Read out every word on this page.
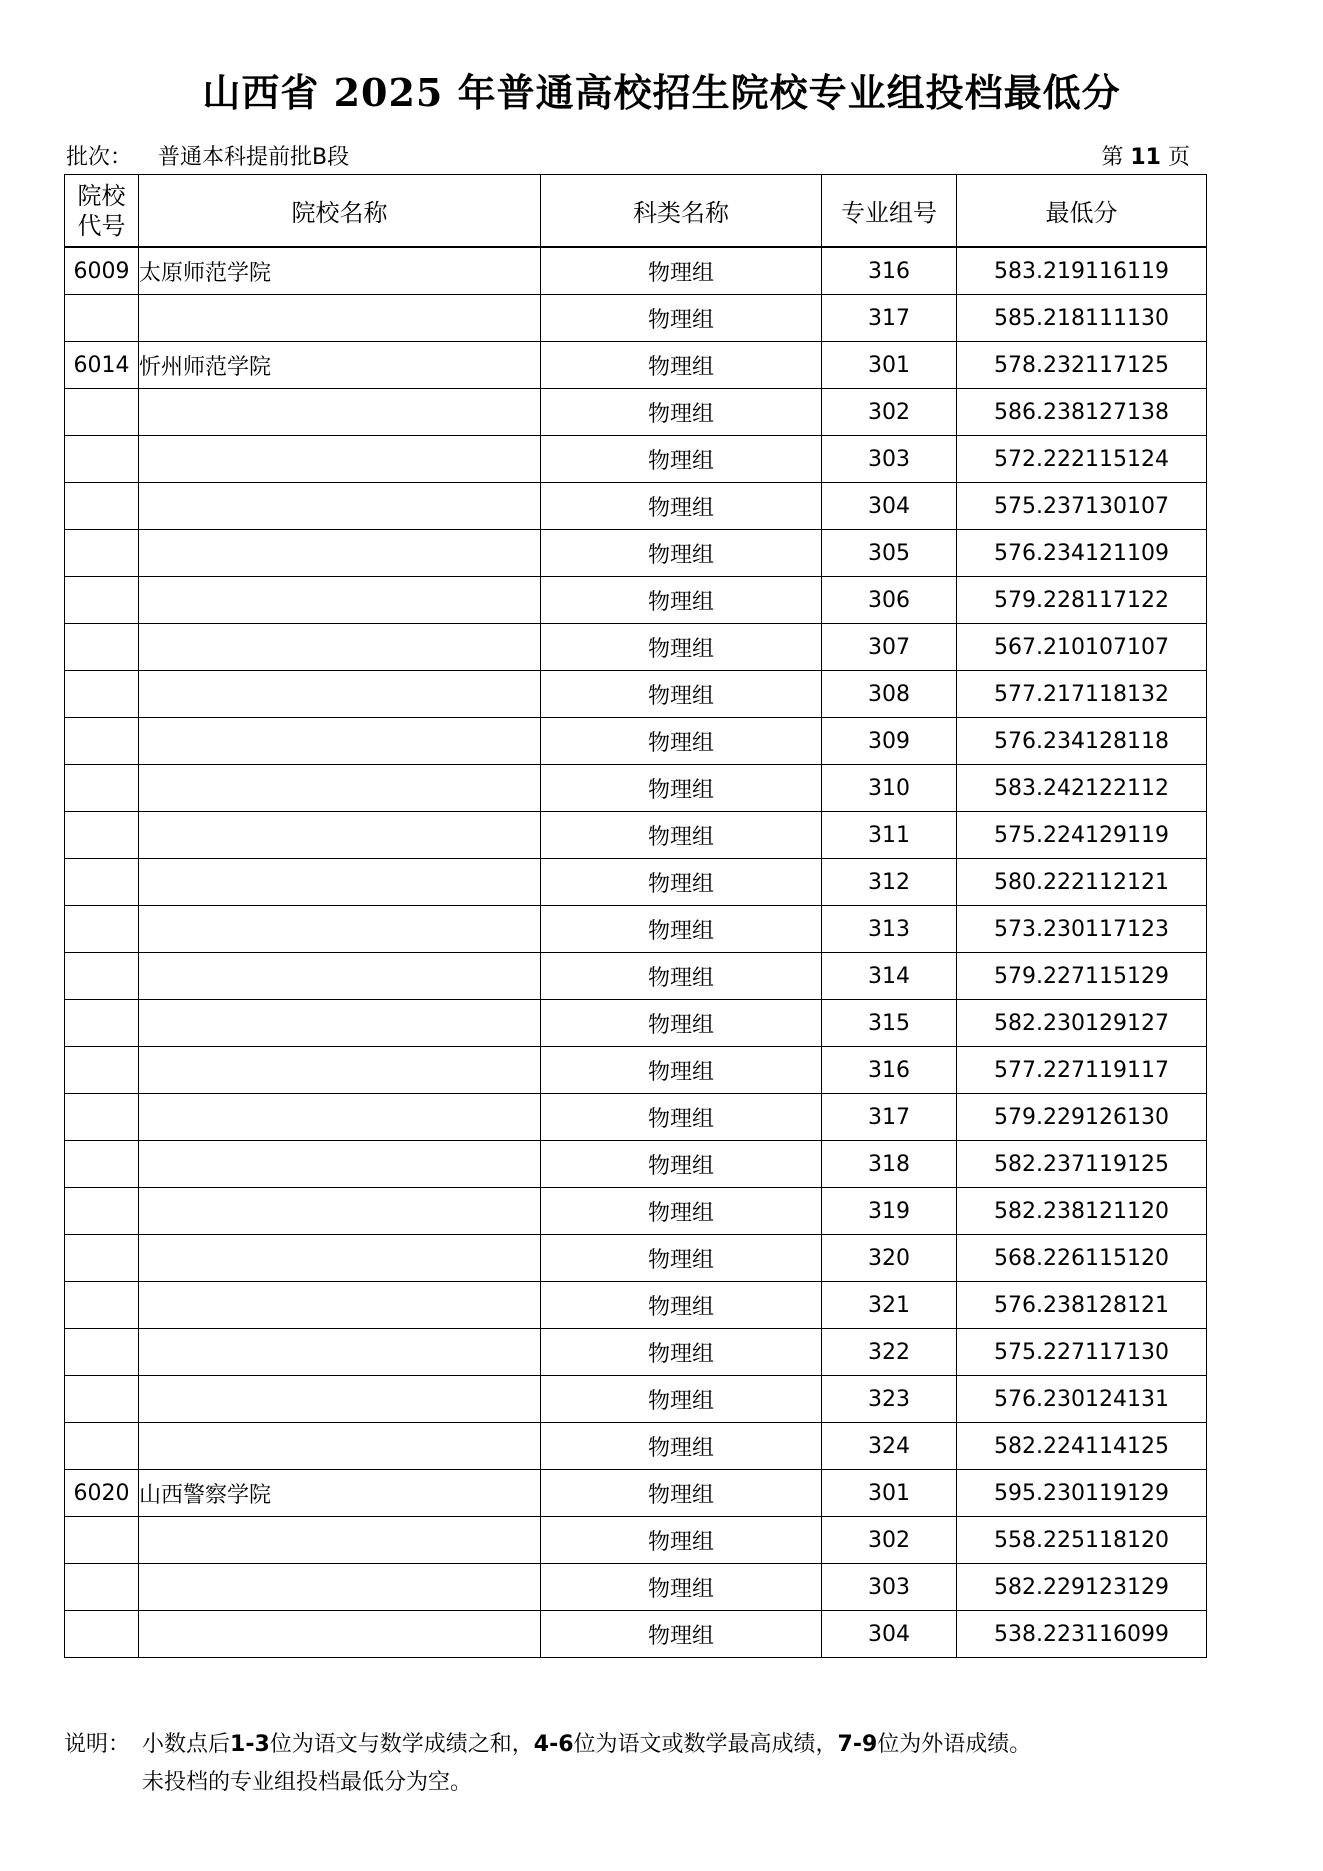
山西省 2025 年普通高校招生院校专业组投档最低分
批次： 普通本科提前批B段	第 11 页
院校
代号	院校名称	科类名称	专业组号	最低分
6009	太原师范学院	物理组	316	583.219116119
		物理组	317	585.218111130
6014	忻州师范学院	物理组	301	578.232117125
		物理组	302	586.238127138
		物理组	303	572.222115124
		物理组	304	575.237130107
		物理组	305	576.234121109
		物理组	306	579.228117122
		物理组	307	567.210107107
		物理组	308	577.217118132
		物理组	309	576.234128118
		物理组	310	583.242122112
		物理组	311	575.224129119
		物理组	312	580.222112121
		物理组	313	573.230117123
		物理组	314	579.227115129
		物理组	315	582.230129127
		物理组	316	577.227119117
		物理组	317	579.229126130
		物理组	318	582.237119125
		物理组	319	582.238121120
		物理组	320	568.226115120
		物理组	321	576.238128121
		物理组	322	575.227117130
		物理组	323	576.230124131
		物理组	324	582.224114125
6020	山西警察学院	物理组	301	595.230119129
		物理组	302	558.225118120
		物理组	303	582.229123129
		物理组	304	538.223116099
说明： 小数点后1-3位为语文与数学成绩之和，4-6位为语文或数学最高成绩，7-9位为外语成绩。
未投档的专业组投档最低分为空。
